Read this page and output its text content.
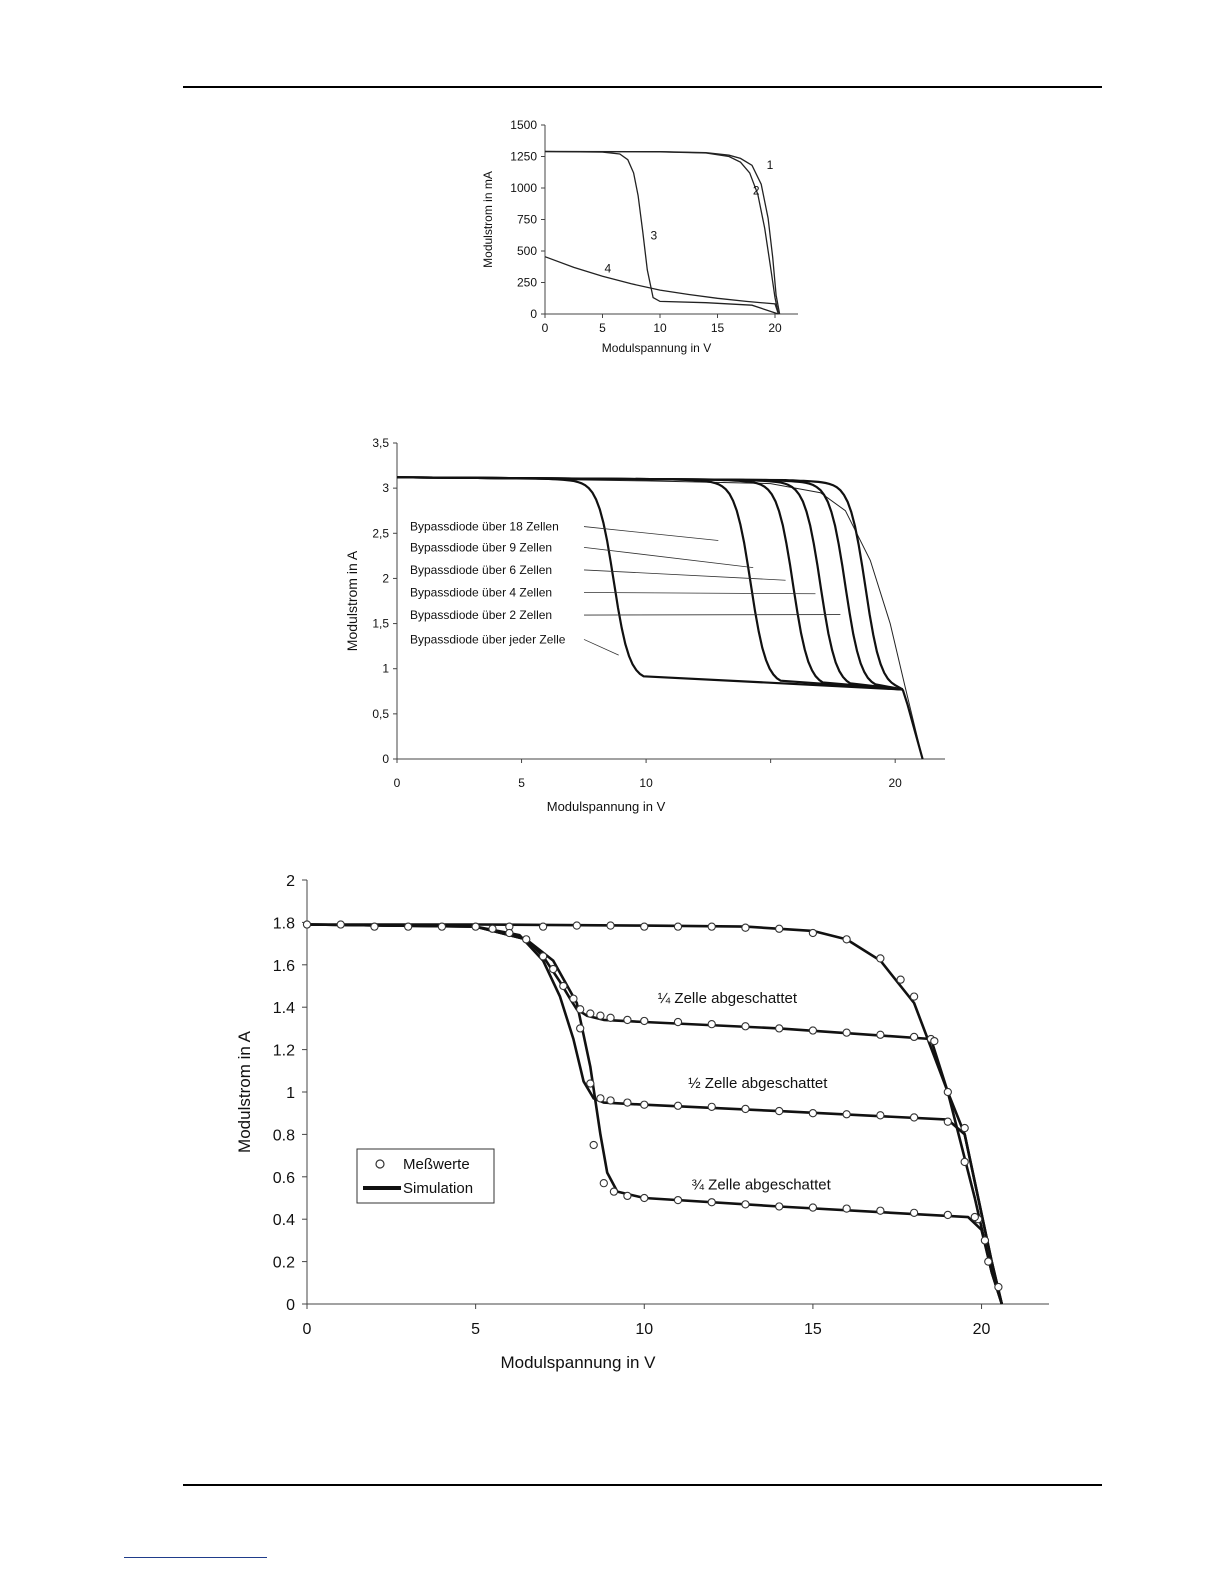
0
250
500
750
1000
1250
1500
0	5	10	15	20
Modulspannung in V
Modulstrom in mA
1
2
3
4
0
0,5
1
1,5
2
2,5
3
3,5
0	5	10	20
Modulspannung in V
Modulstrom in A
Bypassdiode über 18 Zellen
Bypassdiode über 9 Zellen
Bypassdiode über 6 Zellen
Bypassdiode über 4 Zellen
Bypassdiode über 2 Zellen
Bypassdiode über jeder Zelle
0
0.2
0.4
0.6
0.8
1
1.2
1.4
1.6
1.8
2
0	5	10	15	20
Modulspannung in V
Modulstrom in A
¼ Zelle abgeschattet
½ Zelle abgeschattet
¾ Zelle abgeschattet
Meßwerte
Simulation
